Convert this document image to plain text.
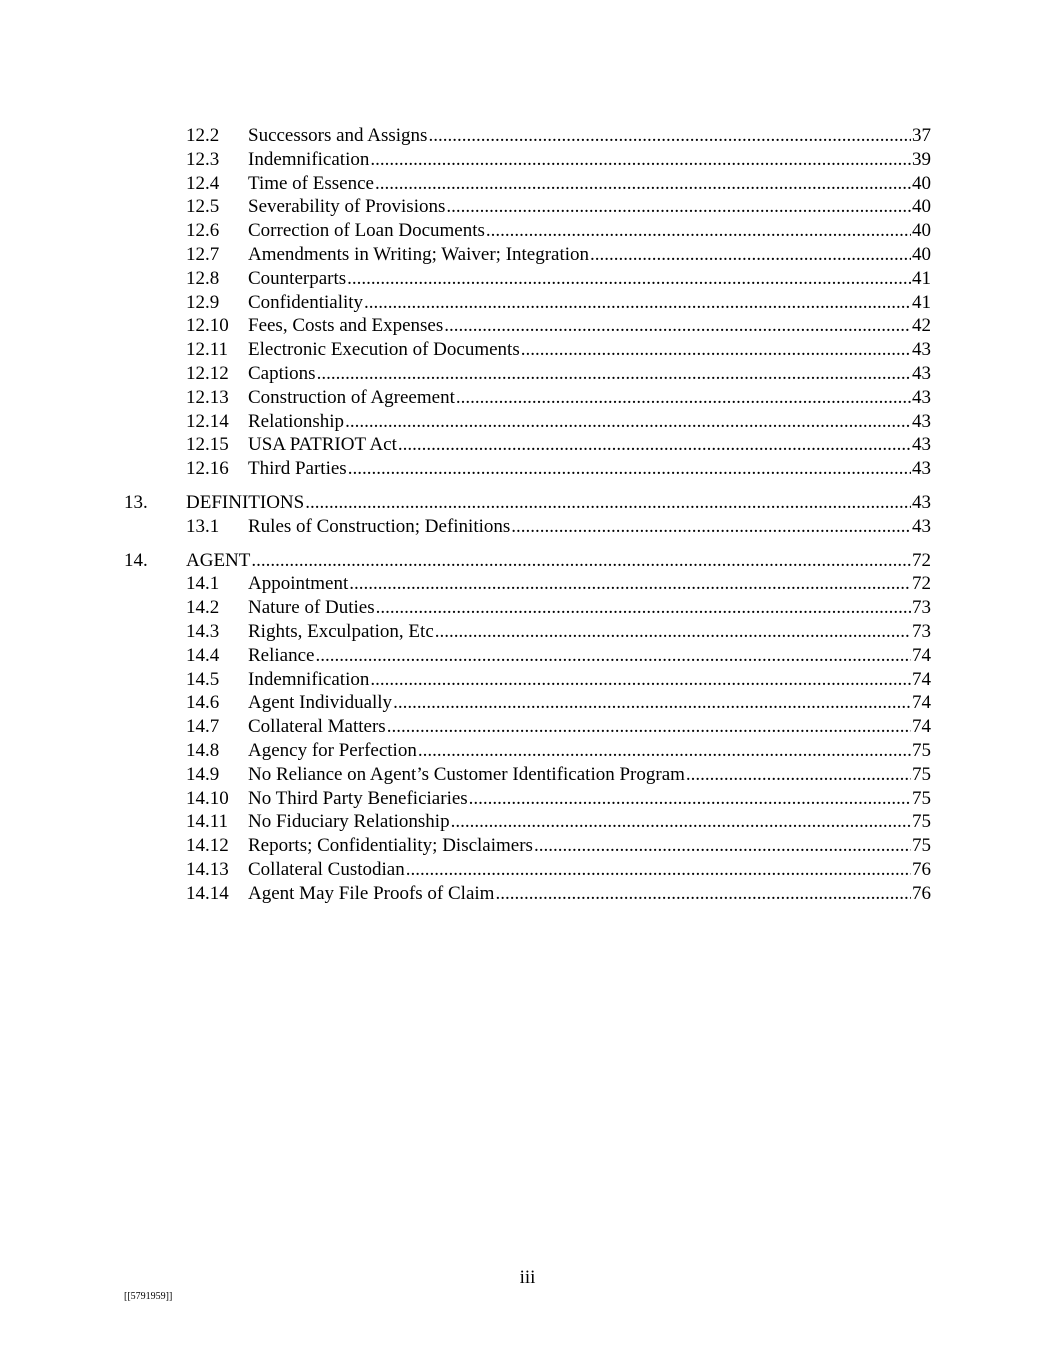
12.2 Successors and Assigns .....	37
12.3 Indemnification .....	39
12.4 Time of Essence .....	40
12.5 Severability of Provisions .....	40
12.6 Correction of Loan Documents .....	40
12.7 Amendments in Writing; Waiver; Integration .....	40
12.8 Counterparts .....	41
12.9 Confidentiality .....	41
12.10 Fees, Costs and Expenses .....	42
12.11 Electronic Execution of Documents .....	43
12.12 Captions .....	43
12.13 Construction of Agreement .....	43
12.14 Relationship .....	43
12.15 USA PATRIOT Act .....	43
12.16 Third Parties .....	43
13. DEFINITIONS .....	43
13.1 Rules of Construction; Definitions .....	43
14. AGENT .....	72
14.1 Appointment .....	72
14.2 Nature of Duties .....	73
14.3 Rights, Exculpation, Etc .....	73
14.4 Reliance .....	74
14.5 Indemnification .....	74
14.6 Agent Individually .....	74
14.7 Collateral Matters .....	74
14.8 Agency for Perfection .....	75
14.9 No Reliance on Agent’s Customer Identification Program .....	75
14.10 No Third Party Beneficiaries .....	75
14.11 No Fiduciary Relationship .....	75
14.12 Reports; Confidentiality; Disclaimers .....	75
14.13 Collateral Custodian .....	76
14.14 Agent May File Proofs of Claim .....	76
iii
[[5791959]]
